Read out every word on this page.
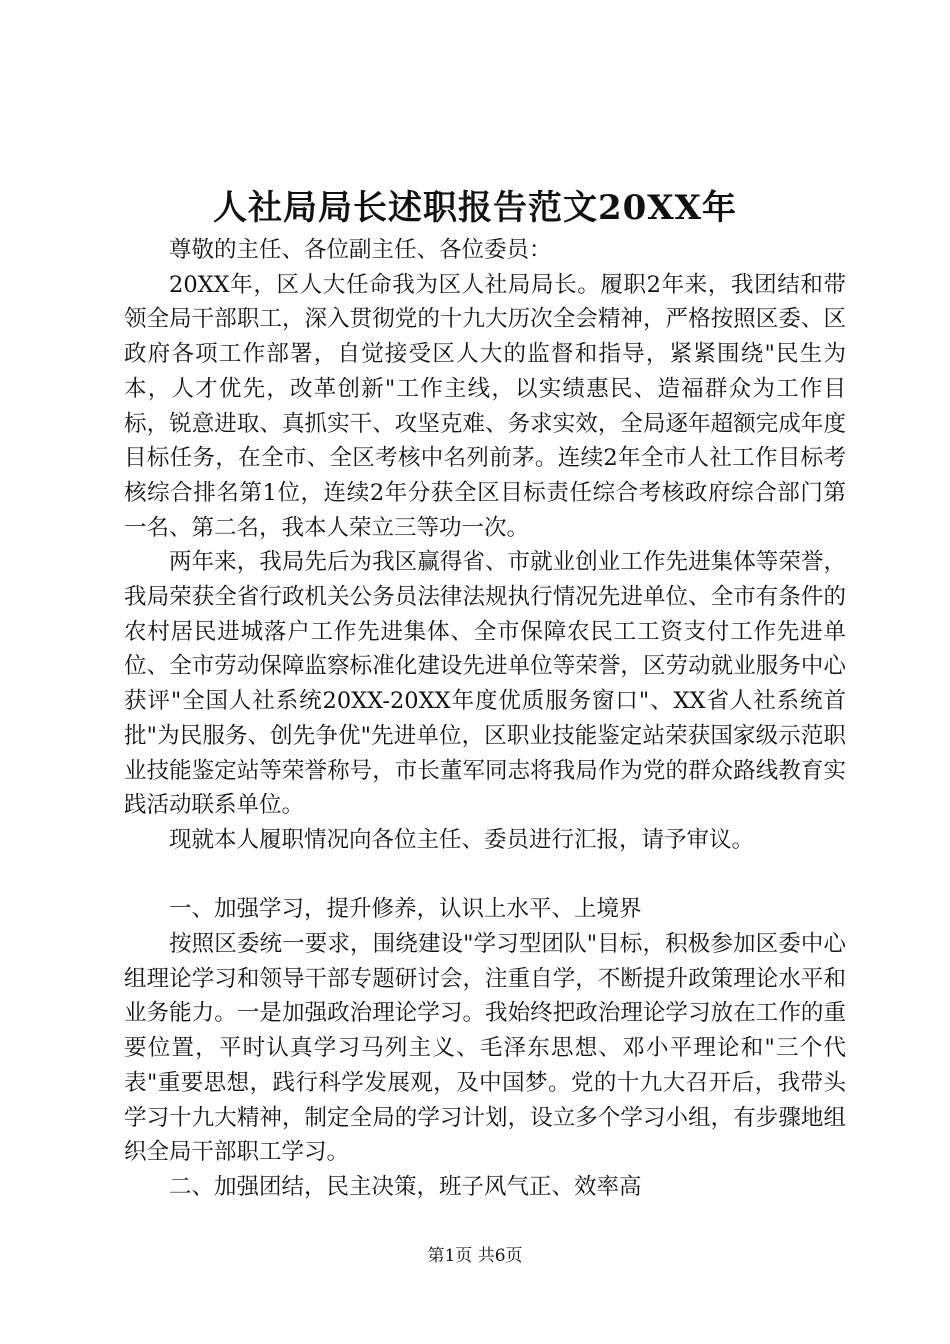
人社局局长述职报告范文20XX年

尊敬的主任、各位副主任、各位委员：

20XX年，区人大任命我为区人社局局长。履职2年来，我团结和带领全局干部职工，深入贯彻党的十九大历次全会精神，严格按照区委、区政府各项工作部署，自觉接受区人大的监督和指导，紧紧围绕"民生为本，人才优先，改革创新"工作主线，以实绩惠民、造福群众为工作目标，锐意进取、真抓实干、攻坚克难、务求实效，全局逐年超额完成年度目标任务，在全市、全区考核中名列前茅。连续2年全市人社工作目标考核综合排名第1位，连续2年分获全区目标责任综合考核政府综合部门第一名、第二名，我本人荣立三等功一次。

两年来，我局先后为我区赢得省、市就业创业工作先进集体等荣誉，我局荣获全省行政机关公务员法律法规执行情况先进单位、全市有条件的农村居民进城落户工作先进集体、全市保障农民工工资支付工作先进单位、全市劳动保障监察标准化建设先进单位等荣誉，区劳动就业服务中心获评"全国人社系统20XX-20XX年度优质服务窗口"、XX省人社系统首批"为民服务、创先争优"先进单位，区职业技能鉴定站荣获国家级示范职业技能鉴定站等荣誉称号，市长董军同志将我局作为党的群众路线教育实践活动联系单位。

现就本人履职情况向各位主任、委员进行汇报，请予审议。

一、加强学习，提升修养，认识上水平、上境界

按照区委统一要求，围绕建设"学习型团队"目标，积极参加区委中心组理论学习和领导干部专题研讨会，注重自学，不断提升政策理论水平和业务能力。一是加强政治理论学习。我始终把政治理论学习放在工作的重要位置，平时认真学习马列主义、毛泽东思想、邓小平理论和"三个代表"重要思想，践行科学发展观，及中国梦。党的十九大召开后，我带头学习十九大精神，制定全局的学习计划，设立多个学习小组，有步骤地组织全局干部职工学习。

二、加强团结，民主决策，班子风气正、效率高

第1页 共6页
